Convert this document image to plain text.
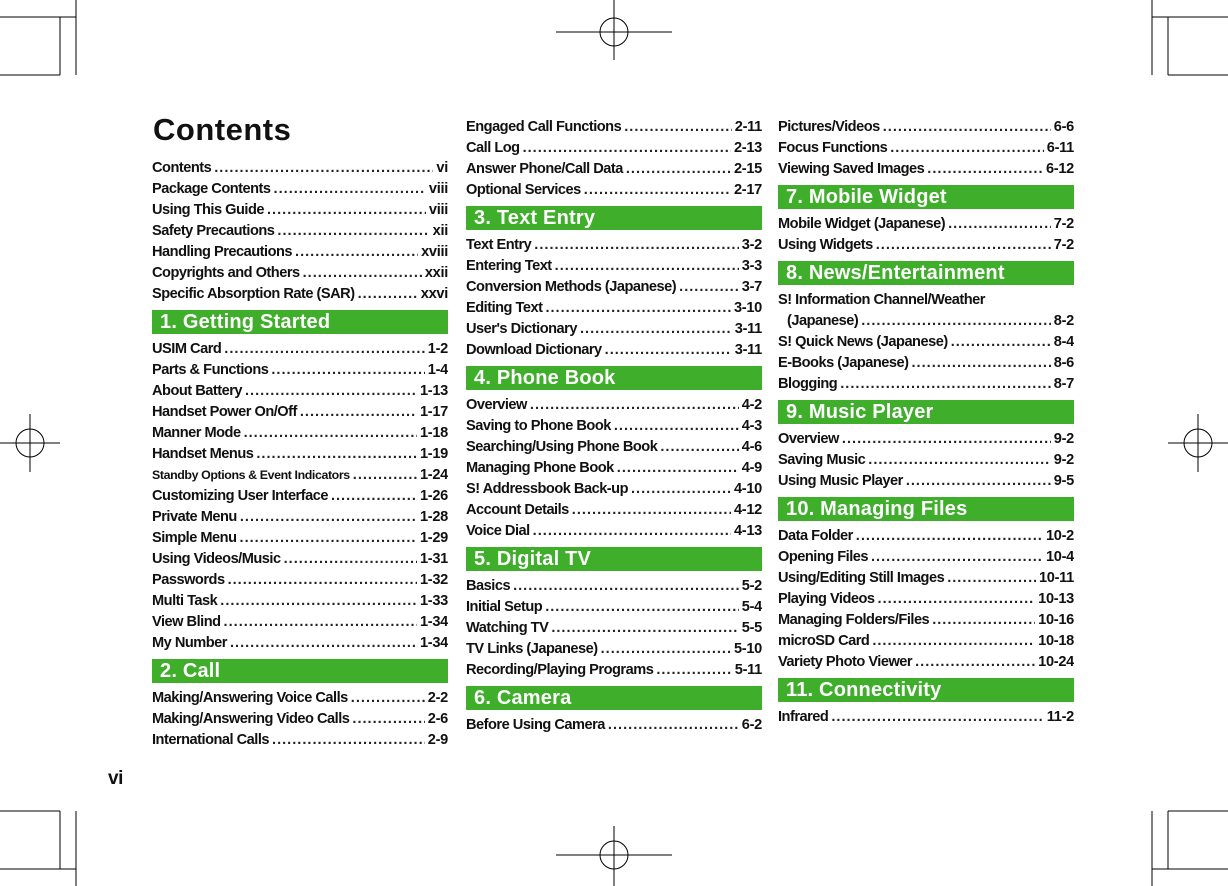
Contents
Contents .....	vi
Package Contents .....	viii
Using This Guide .....	viii
Safety Precautions .....	xii
Handling Precautions .....	xviii
Copyrights and Others .....	xxii
Specific Absorption Rate (SAR) .....	xxvi
1. Getting Started
USIM Card .....	1-2
Parts & Functions .....	1-4
About Battery .....	1-13
Handset Power On/Off .....	1-17
Manner Mode .....	1-18
Handset Menus .....	1-19
Standby Options & Event Indicators .....	1-24
Customizing User Interface .....	1-26
Private Menu .....	1-28
Simple Menu .....	1-29
Using Videos/Music .....	1-31
Passwords .....	1-32
Multi Task .....	1-33
View Blind .....	1-34
My Number .....	1-34
2. Call
Making/Answering Voice Calls .....	2-2
Making/Answering Video Calls .....	2-6
International Calls .....	2-9
Engaged Call Functions .....	2-11
Call Log .....	2-13
Answer Phone/Call Data .....	2-15
Optional Services .....	2-17
3. Text Entry
Text Entry .....	3-2
Entering Text .....	3-3
Conversion Methods (Japanese) .....	3-7
Editing Text .....	3-10
User's Dictionary .....	3-11
Download Dictionary .....	3-11
4. Phone Book
Overview .....	4-2
Saving to Phone Book .....	4-3
Searching/Using Phone Book .....	4-6
Managing Phone Book .....	4-9
S! Addressbook Back-up .....	4-10
Account Details .....	4-12
Voice Dial .....	4-13
5. Digital TV
Basics .....	5-2
Initial Setup .....	5-4
Watching TV .....	5-5
TV Links (Japanese) .....	5-10
Recording/Playing Programs .....	5-11
6. Camera
Before Using Camera .....	6-2
Pictures/Videos .....	6-6
Focus Functions .....	6-11
Viewing Saved Images .....	6-12
7. Mobile Widget
Mobile Widget (Japanese) .....	7-2
Using Widgets .....	7-2
8. News/Entertainment
S! Information Channel/Weather
(Japanese) .....	8-2
S! Quick News (Japanese) .....	8-4
E-Books (Japanese) .....	8-6
Blogging .....	8-7
9. Music Player
Overview .....	9-2
Saving Music .....	9-2
Using Music Player .....	9-5
10. Managing Files
Data Folder .....	10-2
Opening Files .....	10-4
Using/Editing Still Images .....	10-11
Playing Videos .....	10-13
Managing Folders/Files .....	10-16
microSD Card .....	10-18
Variety Photo Viewer .....	10-24
11. Connectivity
Infrared .....	11-2
vi
